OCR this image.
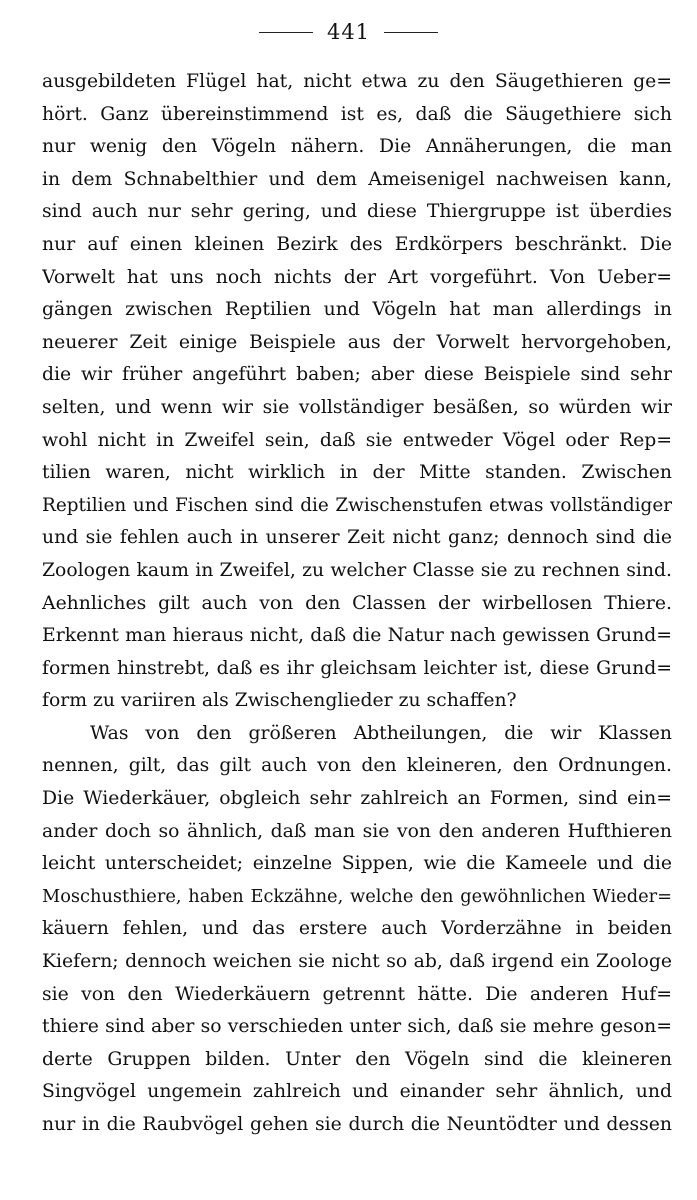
441
ausgebildeten Flügel hat, nicht etwa zu den Säugethieren ge=
hört. Ganz übereinstimmend ist es, daß die Säugethiere sich
nur wenig den Vögeln nähern. Die Annäherungen, die man
in dem Schnabelthier und dem Ameisenigel nachweisen kann,
sind auch nur sehr gering, und diese Thiergruppe ist überdies
nur auf einen kleinen Bezirk des Erdkörpers beschränkt. Die
Vorwelt hat uns noch nichts der Art vorgeführt. Von Ueber=
gängen zwischen Reptilien und Vögeln hat man allerdings in
neuerer Zeit einige Beispiele aus der Vorwelt hervorgehoben,
die wir früher angeführt baben; aber diese Beispiele sind sehr
selten, und wenn wir sie vollständiger besäßen, so würden wir
wohl nicht in Zweifel sein, daß sie entweder Vögel oder Rep=
tilien waren, nicht wirklich in der Mitte standen. Zwischen
Reptilien und Fischen sind die Zwischenstufen etwas vollständiger
und sie fehlen auch in unserer Zeit nicht ganz; dennoch sind die
Zoologen kaum in Zweifel, zu welcher Classe sie zu rechnen sind.
Aehnliches gilt auch von den Classen der wirbellosen Thiere.
Erkennt man hieraus nicht, daß die Natur nach gewissen Grund=
formen hinstrebt, daß es ihr gleichsam leichter ist, diese Grund=
form zu variiren als Zwischenglieder zu schaffen?
Was von den größeren Abtheilungen, die wir Klassen
nennen, gilt, das gilt auch von den kleineren, den Ordnungen.
Die Wiederkäuer, obgleich sehr zahlreich an Formen, sind ein=
ander doch so ähnlich, daß man sie von den anderen Hufthieren
leicht unterscheidet; einzelne Sippen, wie die Kameele und die
Moschusthiere, haben Eckzähne, welche den gewöhnlichen Wieder=
käuern fehlen, und das erstere auch Vorderzähne in beiden
Kiefern; dennoch weichen sie nicht so ab, daß irgend ein Zoologe
sie von den Wiederkäuern getrennt hätte. Die anderen Huf=
thiere sind aber so verschieden unter sich, daß sie mehre geson=
derte Gruppen bilden. Unter den Vögeln sind die kleineren
Singvögel ungemein zahlreich und einander sehr ähnlich, und
nur in die Raubvögel gehen sie durch die Neuntödter und dessen
